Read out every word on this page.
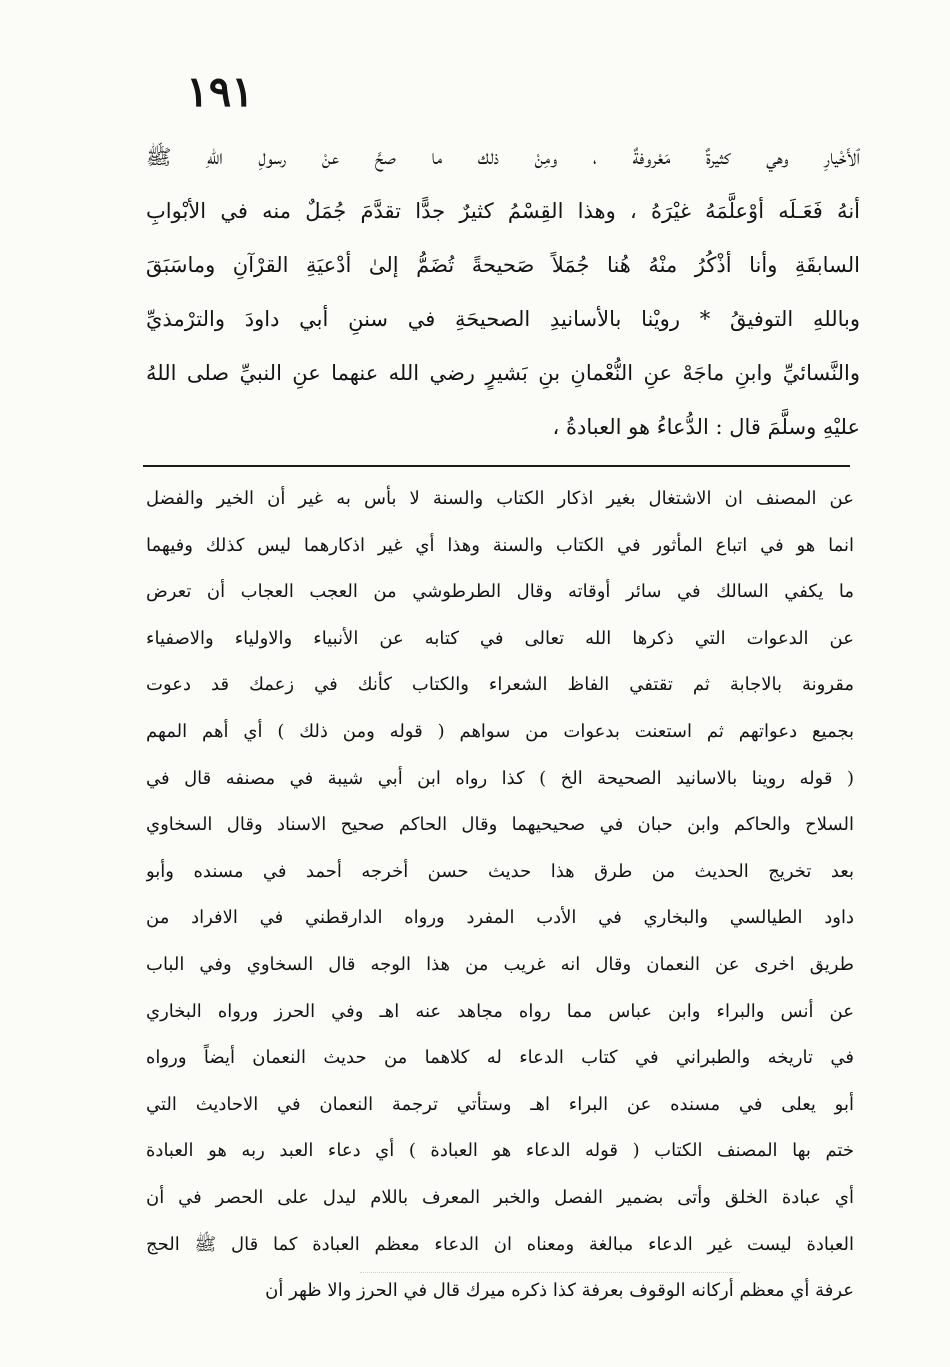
١٩١
ٱلأَخْيارِ وهي كثيرةٌ مَعْروفةٌ ، ومِنْ ذلك ما صحَّ عنْ رسولِ اللهِ ﷺ
أنهُ فَعَـلَه أوْعلَّمَهُ غيْرَهُ ، وهذا القِسْمُ كثيرٌ جدًّا تقدَّمَ جُمَلٌ منه في الأبْوابِ
السابقَةِ وأنا أذْكُرُ منْهُ هُنا جُمَلاً صَحيحةً تُضَمُّ إلىٰ أدْعيَةِ القرْآنِ وماسَبَقَ
وباللهِ التوفيقُ * رويْنا بالأسانيدِ الصحيحَةِ في سننِ أبي داودَ والترْمذيِّ
والنَّسائيِّ وابنِ ماجَهْ عنِ النُّعْمانِ بنِ بَشيرٍ رضي الله عنهما عنِ النبيِّ صلى اللهُ
عليْهِ وسلَّمَ قال : الدُّعاءُ هو العبادةُ ،
عن المصنف ان الاشتغال بغير اذكار الكتاب والسنة لا بأس به غير أن الخير والفضل
انما هو في اتباع المأثور في الكتاب والسنة وهذا أي غير اذكارهما ليس كذلك وفيهما
ما يكفي السالك في سائر أوقاته وقال الطرطوشي من العجب العجاب أن تعرض
عن الدعوات التي ذكرها الله تعالى في كتابه عن الأنبياء والاولياء والاصفياء
مقرونة بالاجابة ثم تقتفي الفاظ الشعراء والكتاب كأنك في زعمك قد دعوت
بجميع دعواتهم ثم استعنت بدعوات من سواهم ( قوله ومن ذلك ) أي أهم المهم
( قوله روينا بالاسانيد الصحيحة الخ ) كذا رواه ابن أبي شيبة في مصنفه قال في
السلاح والحاكم وابن حبان في صحيحيهما وقال الحاكم صحيح الاسناد وقال السخاوي
بعد تخريج الحديث من طرق هذا حديث حسن أخرجه أحمد في مسنده وأبو
داود الطيالسي والبخاري في الأدب المفرد ورواه الدارقطني في الافراد من
طريق اخرى عن النعمان وقال انه غريب من هذا الوجه قال السخاوي وفي الباب
عن أنس والبراء وابن عباس مما رواه مجاهد عنه اهـ وفي الحرز ورواه البخاري
في تاريخه والطبراني في كتاب الدعاء له كلاهما من حديث النعمان أيضاً ورواه
أبو يعلى في مسنده عن البراء اهـ وستأتي ترجمة النعمان في الاحاديث التي
ختم بها المصنف الكتاب ( قوله الدعاء هو العبادة ) أي دعاء العبد ربه هو العبادة
أي عبادة الخلق وأتى بضمير الفصل والخبر المعرف باللام ليدل على الحصر في أن
العبادة ليست غير الدعاء مبالغة ومعناه ان الدعاء معظم العبادة كما قال ﷺ الحج
عرفة أي معظم أركانه الوقوف بعرفة كذا ذكره ميرك قال في الحرز والا ظهر أن
